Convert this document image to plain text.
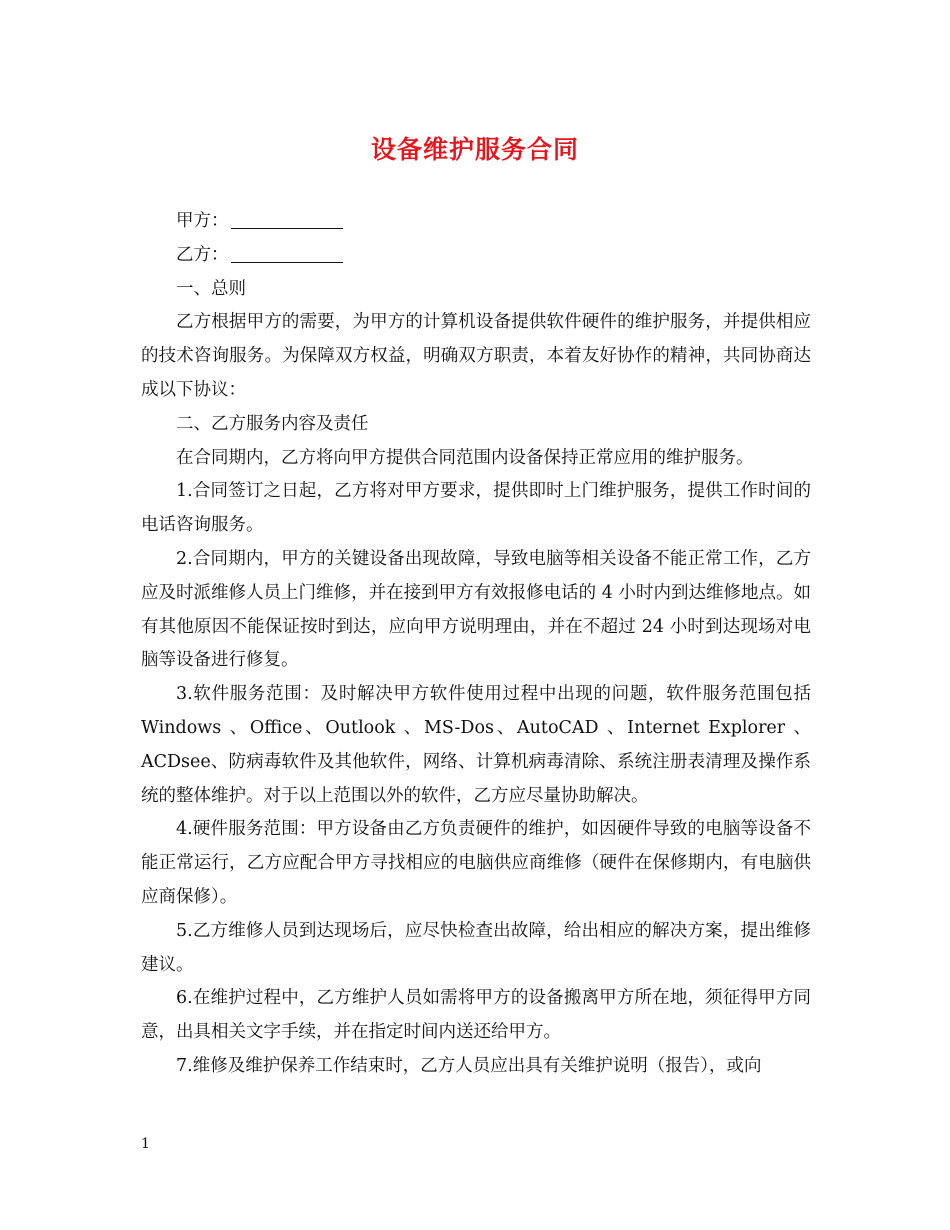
设备维护服务合同

甲方：

乙方：

一、总则

乙方根据甲方的需要，为甲方的计算机设备提供软件硬件的维护服务，并提供相应的技术咨询服务。为保障双方权益，明确双方职责，本着友好协作的精神，共同协商达成以下协议：

二、乙方服务内容及责任

在合同期内，乙方将向甲方提供合同范围内设备保持正常应用的维护服务。

1.合同签订之日起，乙方将对甲方要求，提供即时上门维护服务，提供工作时间的电话咨询服务。

2.合同期内，甲方的关键设备出现故障，导致电脑等相关设备不能正常工作，乙方应及时派维修人员上门维修，并在接到甲方有效报修电话的 4 小时内到达维修地点。如有其他原因不能保证按时到达，应向甲方说明理由，并在不超过 24 小时到达现场对电脑等设备进行修复。

3.软件服务范围：及时解决甲方软件使用过程中出现的问题，软件服务范围包括 Windows 、Office、Outlook 、MS-Dos、AutoCAD 、Internet Explorer 、ACDsee、防病毒软件及其他软件，网络、计算机病毒清除、系统注册表清理及操作系统的整体维护。对于以上范围以外的软件，乙方应尽量协助解决。

4.硬件服务范围：甲方设备由乙方负责硬件的维护，如因硬件导致的电脑等设备不能正常运行，乙方应配合甲方寻找相应的电脑供应商维修（硬件在保修期内，有电脑供应商保修）。

5.乙方维修人员到达现场后，应尽快检查出故障，给出相应的解决方案，提出维修建议。

6.在维护过程中，乙方维护人员如需将甲方的设备搬离甲方所在地，须征得甲方同意，出具相关文字手续，并在指定时间内送还给甲方。

7.维修及维护保养工作结束时，乙方人员应出具有关维护说明（报告），或向

1
